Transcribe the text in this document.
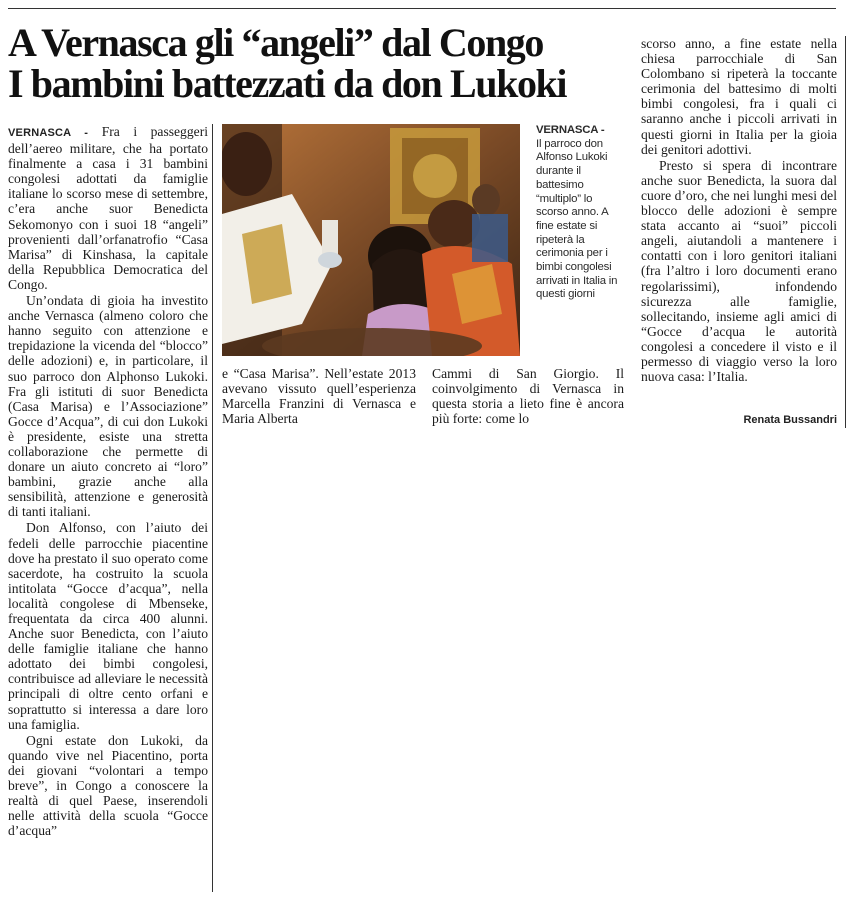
A Vernasca gli “angeli” dal Congo
I bambini battezzati da don Lukoki

VERNASCA - Fra i passeggeri dell’aereo militare, che ha portato finalmente a casa i 31 bambini congolesi adottati da famiglie italiane lo scorso mese di settembre, c’era anche suor Benedicta Sekomonyo con i suoi 18 “angeli” provenienti dall’orfanatrofio “Casa Marisa” di Kinshasa, la capitale della Repubblica Democratica del Congo.

Un’ondata di gioia ha investito anche Vernasca (almeno coloro che hanno seguito con attenzione e trepidazione la vicenda del “blocco” delle adozioni) e, in particolare, il suo parroco don Alphonso Lukoki. Fra gli istituti di suor Benedicta (Casa Marisa) e l’Associazione” Gocce d’Acqua”, di cui don Lukoki è presidente, esiste una stretta collaborazione che permette di donare un aiuto concreto ai “loro” bambini, grazie anche alla sensibilità, attenzione e generosità di tanti italiani.

Don Alfonso, con l’aiuto dei fedeli delle parrocchie piacentine dove ha prestato il suo operato come sacerdote, ha costruito la scuola intitolata “Gocce d’acqua”, nella località congolese di Mbenseke, frequentata da circa 400 alunni. Anche suor Benedicta, con l’aiuto delle famiglie italiane che hanno adottato dei bimbi congolesi, contribuisce ad alleviare le necessità principali di oltre cento orfani e soprattutto si interessa a dare loro una famiglia.

Ogni estate don Lukoki, da quando vive nel Piacentino, porta dei giovani “volontari a tempo breve”, in Congo a conoscere la realtà di quel Paese, inserendoli nelle attività della scuola “Gocce d’acqua”

VERNASCA -
Il parroco don Alfonso Lukoki durante il battesimo “multiplo” lo scorso anno. A fine estate si ripeterà la cerimonia per i bimbi congolesi arrivati in Italia in questi giorni

e “Casa Marisa”. Nell’estate 2013 avevano vissuto quell’esperienza Marcella Franzini di Vernasca e Maria Alberta

Cammi di San Giorgio. Il coinvolgimento di Vernasca in questa storia a lieto fine è ancora più forte: come lo

scorso anno, a fine estate nella chiesa parrocchiale di San Colombano si ripeterà la toccante cerimonia del battesimo di molti bimbi congolesi, fra i quali ci saranno anche i piccoli arrivati in questi giorni in Italia per la gioia dei genitori adottivi.

Presto si spera di incontrare anche suor Benedicta, la suora dal cuore d’oro, che nei lunghi mesi del blocco delle adozioni è sempre stata accanto ai “suoi” piccoli angeli, aiutandoli a mantenere i contatti con i loro genitori italiani (fra l’altro i loro documenti erano regolarissimi), infondendo sicurezza alle famiglie, sollecitando, insieme agli amici di “Gocce d’acqua le autorità congolesi a concedere il visto e il permesso di viaggio verso la loro nuova casa: l’Italia.

Renata Bussandri
